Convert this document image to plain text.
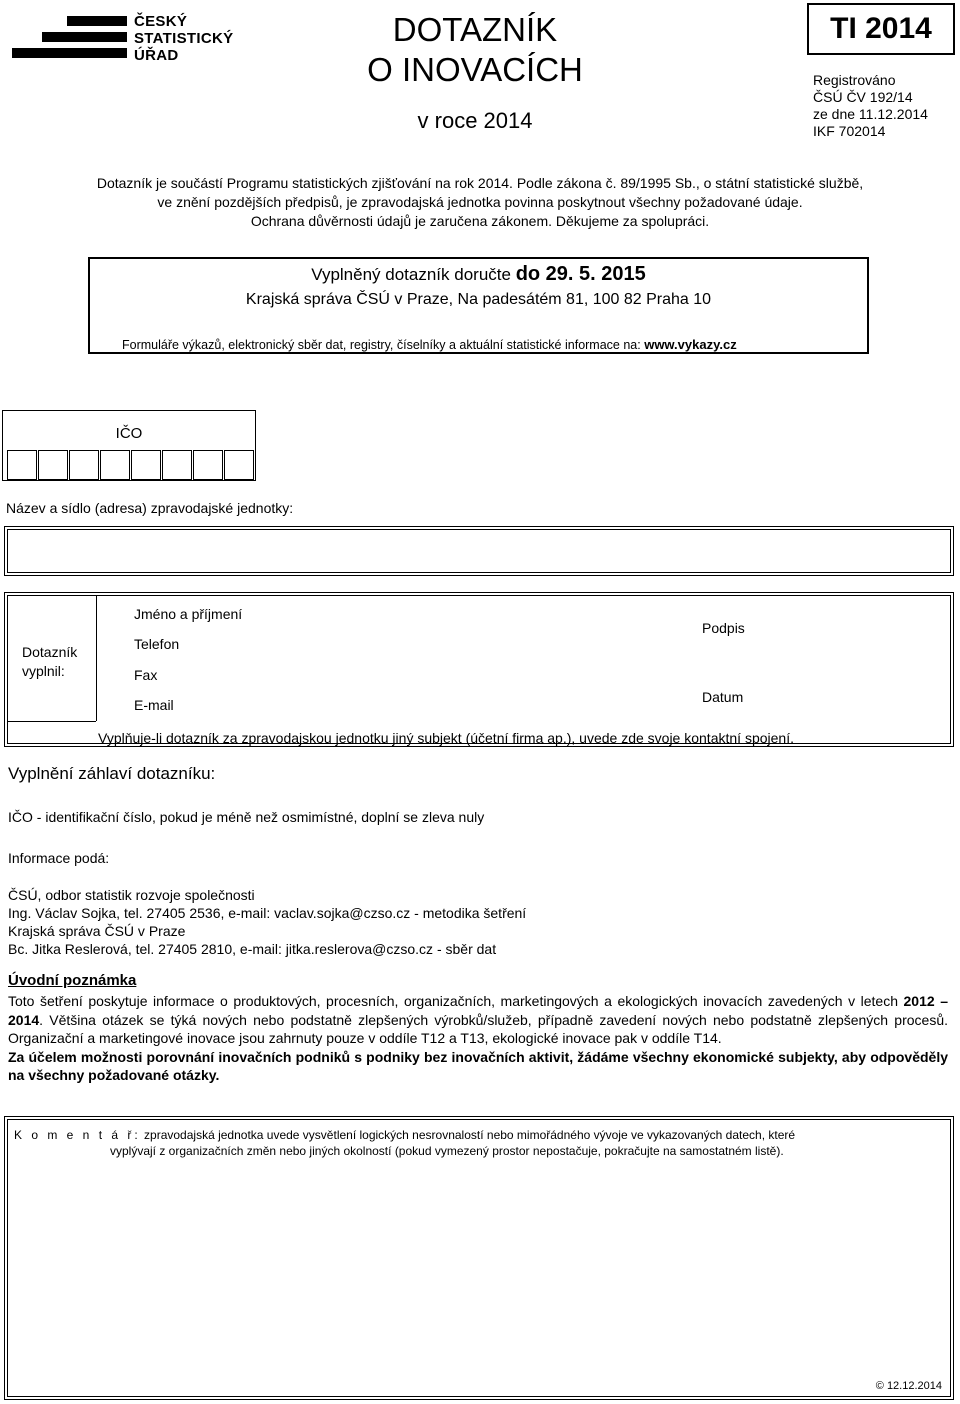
ČESKÝ
STATISTICKÝ
ÚŘAD
DOTAZNÍK
O INOVACÍCH
v roce 2014
TI 2014
Registrováno
ČSÚ ČV 192/14
ze dne 11.12.2014
IKF 702014
Dotazník je součástí Programu statistických zjišťování na rok 2014. Podle zákona č. 89/1995 Sb., o státní statistické službě,
ve znění pozdějších předpisů, je zpravodajská jednotka povinna poskytnout všechny požadované údaje.
Ochrana důvěrnosti údajů je zaručena zákonem. Děkujeme za spolupráci.
Vyplněný dotazník doručte do 29. 5. 2015
Krajská správa ČSÚ v Praze, Na padesátém 81, 100 82 Praha 10
Formuláře výkazů, elektronický sběr dat, registry, číselníky a aktuální statistické informace na: www.vykazy.cz
IČO
Název a sídlo (adresa) zpravodajské jednotky:
Dotazník
vyplnil:
Jméno a příjmení
Telefon
Fax
E-mail
Podpis
Datum
Vyplňuje-li dotazník za zpravodajskou jednotku jiný subjekt (účetní firma ap.), uvede zde svoje kontaktní spojení.
Vyplnění záhlaví dotazníku:
IČO - identifikační číslo, pokud je méně než osmimístné, doplní se zleva nuly
Informace podá:
ČSÚ, odbor statistik rozvoje společnosti
Ing. Václav Sojka, tel. 27405 2536, e-mail: vaclav.sojka@czso.cz - metodika šetření
Krajská správa ČSÚ v Praze
Bc. Jitka Reslerová, tel. 27405 2810, e-mail: jitka.reslerova@czso.cz - sběr dat
Úvodní poznámka
Toto šetření poskytuje informace o produktových, procesních, organizačních, marketingových a ekologických inovacích zavedených v letech 2012 – 2014. Většina otázek se týká nových nebo podstatně zlepšených výrobků/služeb, případně zavedení nových nebo podstatně zlepšených procesů. Organizační a marketingové inovace jsou zahrnuty pouze v oddíle T12 a T13, ekologické inovace pak v oddíle T14.
Za účelem možnosti porovnání inovačních podniků s podniky bez inovačních aktivit, žádáme všechny ekonomické subjekty, aby odpověděly na všechny požadované otázky.
K o m e n t á ř: zpravodajská jednotka uvede vysvětlení logických nesrovnalostí nebo mimořádného vývoje ve vykazovaných datech, které
vyplývají z organizačních změn nebo jiných okolností (pokud vymezený prostor nepostačuje, pokračujte na samostatném listě).
© 12.12.2014
